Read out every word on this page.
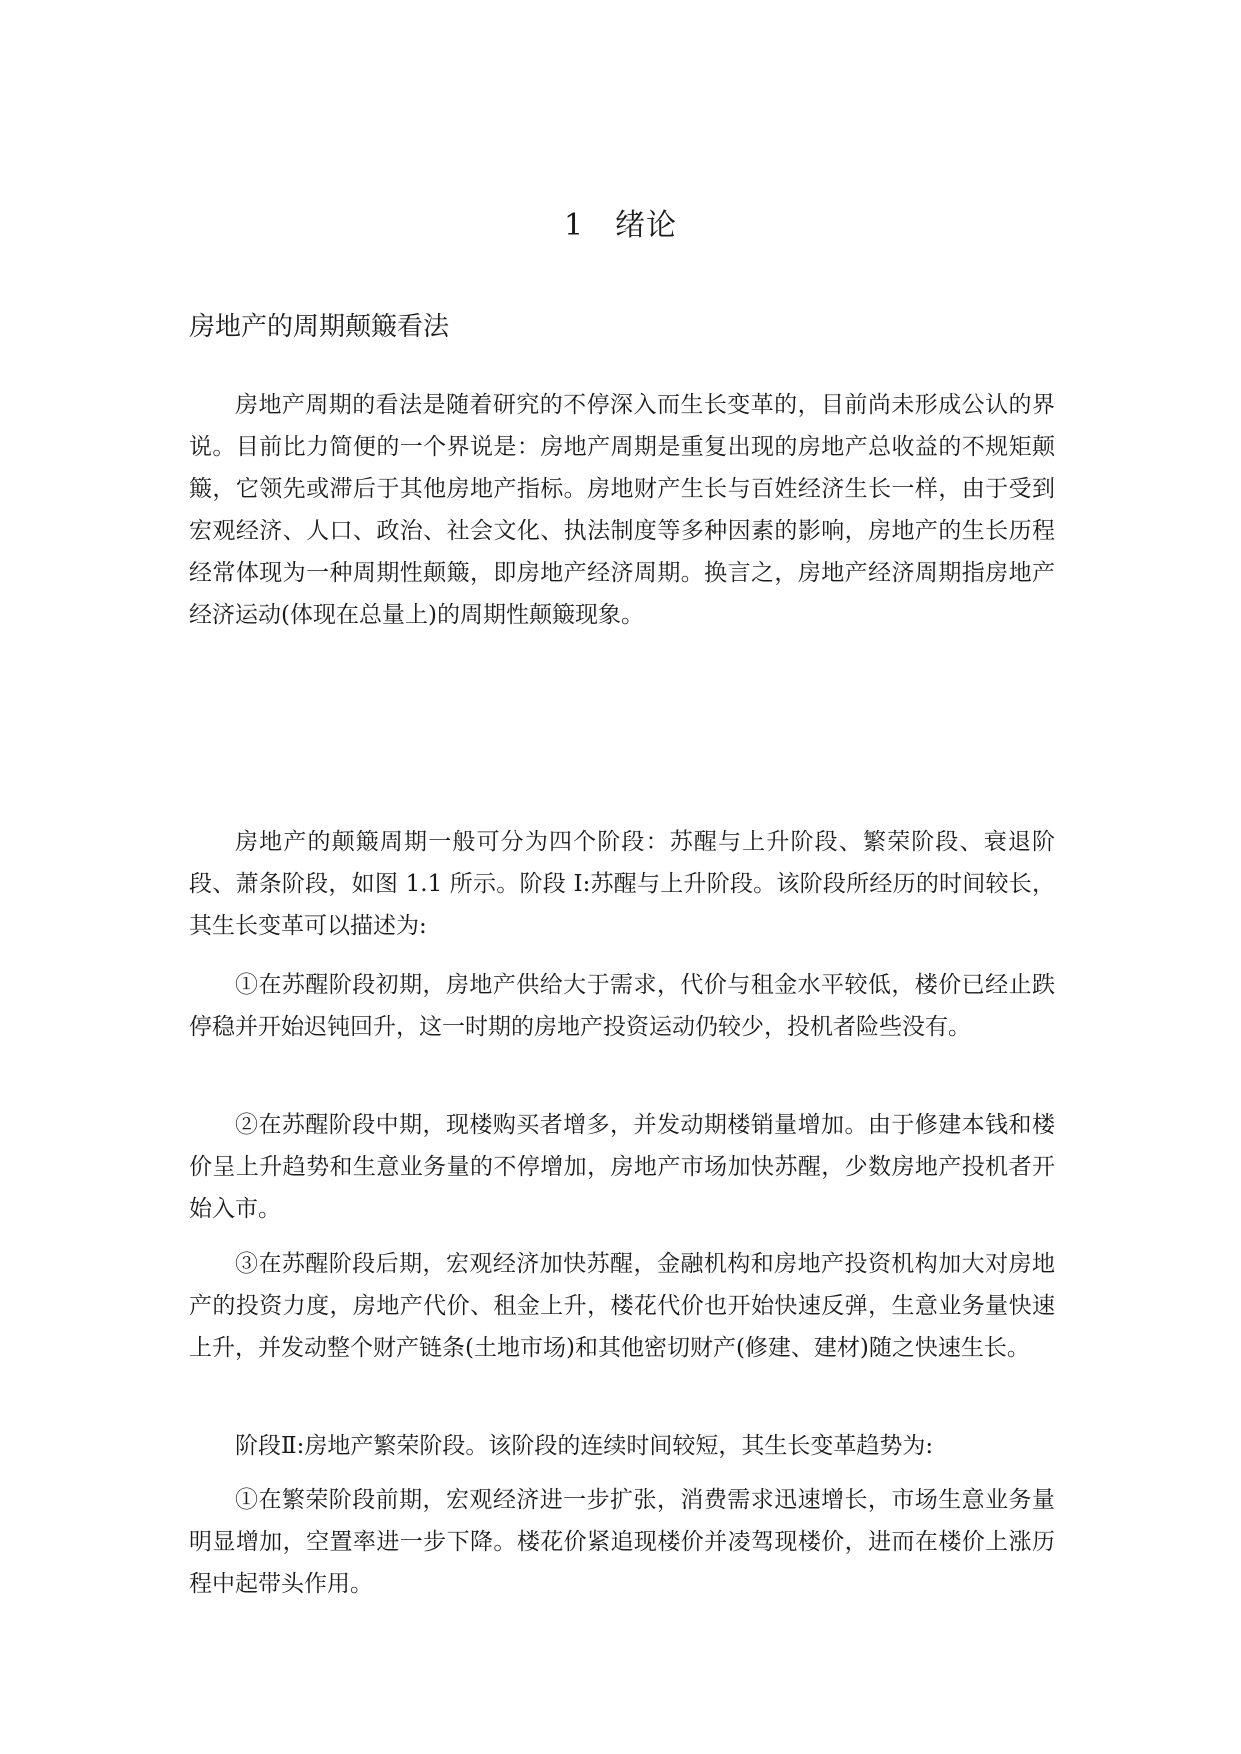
1　绪论
房地产的周期颠簸看法

房地产周期的看法是随着研究的不停深入而生长变革的，目前尚未形成公认的界说。目前比力简便的一个界说是：房地产周期是重复出现的房地产总收益的不规矩颠簸，它领先或滞后于其他房地产指标。房地财产生长与百姓经济生长一样，由于受到宏观经济、人口、政治、社会文化、执法制度等多种因素的影响，房地产的生长历程经常体现为一种周期性颠簸，即房地产经济周期。换言之，房地产经济周期指房地产经济运动(体现在总量上)的周期性颠簸现象。

房地产的颠簸周期一般可分为四个阶段：苏醒与上升阶段、繁荣阶段、衰退阶段、萧条阶段，如图 1.1 所示。阶段 I:苏醒与上升阶段。该阶段所经历的时间较长，其生长变革可以描述为:

①在苏醒阶段初期，房地产供给大于需求，代价与租金水平较低，楼价已经止跌停稳并开始迟钝回升，这一时期的房地产投资运动仍较少，投机者险些没有。

②在苏醒阶段中期，现楼购买者增多，并发动期楼销量增加。由于修建本钱和楼价呈上升趋势和生意业务量的不停增加，房地产市场加快苏醒，少数房地产投机者开始入市。

③在苏醒阶段后期，宏观经济加快苏醒，金融机构和房地产投资机构加大对房地产的投资力度，房地产代价、租金上升，楼花代价也开始快速反弹，生意业务量快速上升，并发动整个财产链条(土地市场)和其他密切财产(修建、建材)随之快速生长。

阶段Ⅱ:房地产繁荣阶段。该阶段的连续时间较短，其生长变革趋势为:

①在繁荣阶段前期，宏观经济进一步扩张，消费需求迅速增长，市场生意业务量明显增加，空置率进一步下降。楼花价紧追现楼价并凌驾现楼价，进而在楼价上涨历程中起带头作用。
